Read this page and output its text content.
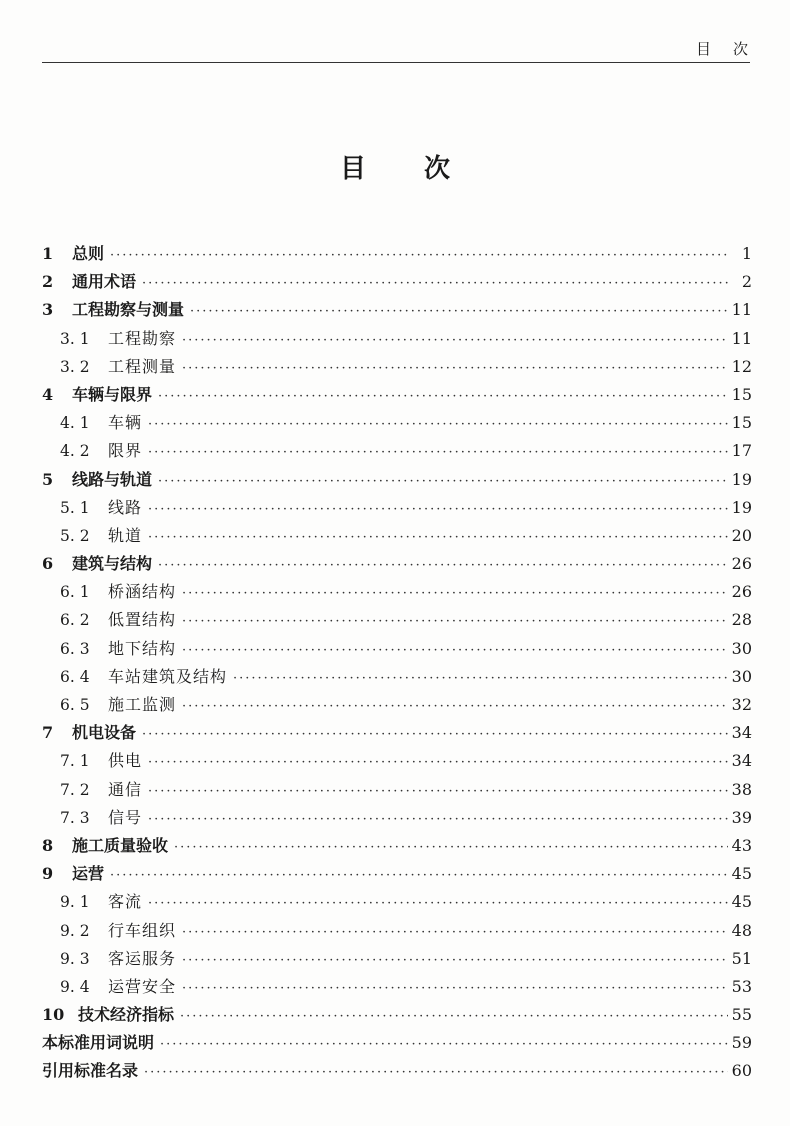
目次
目次
1	总则 ·····	1
2	通用术语 ·····	2
3	工程勘察与测量 ·····	11
3. 1	工程勘察 ·····	11
3. 2	工程测量 ·····	12
4	车辆与限界 ·····	15
4. 1	车辆 ·····	15
4. 2	限界 ·····	17
5	线路与轨道 ·····	19
5. 1	线路 ·····	19
5. 2	轨道 ·····	20
6	建筑与结构 ·····	26
6. 1	桥涵结构 ·····	26
6. 2	低置结构 ·····	28
6. 3	地下结构 ·····	30
6. 4	车站建筑及结构 ·····	30
6. 5	施工监测 ·····	32
7	机电设备 ·····	34
7. 1	供电 ·····	34
7. 2	通信 ·····	38
7. 3	信号 ·····	39
8	施工质量验收 ·····	43
9	运营 ·····	45
9. 1	客流 ·····	45
9. 2	行车组织 ·····	48
9. 3	客运服务 ·····	51
9. 4	运营安全 ·····	53
10 技术经济指标 ·····	55
本标准用词说明 ·····	59
引用标准名录 ·····	60
